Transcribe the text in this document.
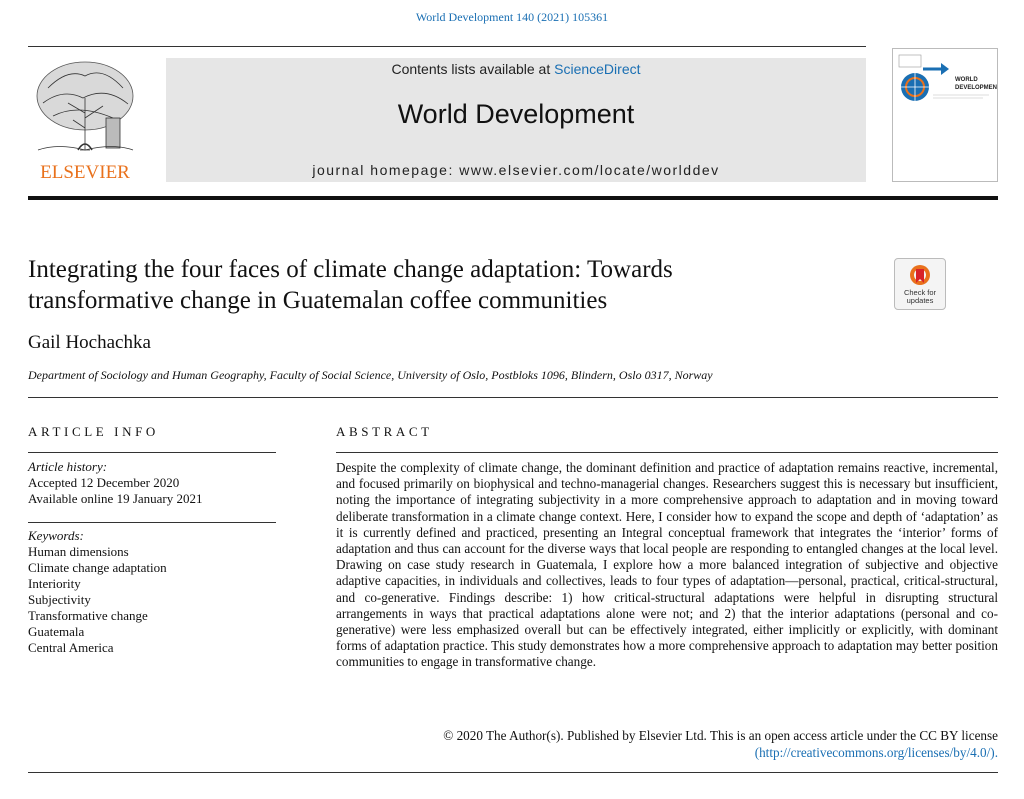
World Development 140 (2021) 105361
ELSEVIER
Contents lists available at ScienceDirect
World Development
journal homepage: www.elsevier.com/locate/worlddev
WORLD
DEVELOPMENT
Integrating the four faces of climate change adaptation: Towards
transformative change in Guatemalan coffee communities	Check for
updates
Gail Hochachka
Department of Sociology and Human Geography, Faculty of Social Science, University of Oslo, Postbloks 1096, Blindern, Oslo 0317, Norway
ARTICLE INFO	ABSTRACT
Article history:
Accepted 12 December 2020
Available online 19 January 2021
Keywords:
Human dimensions
Climate change adaptation
Interiority
Subjectivity
Transformative change
Guatemala
Central America

Despite the complexity of climate change, the dominant definition and practice of adaptation remains reactive, incremental, and focused primarily on biophysical and techno-managerial changes. Researchers suggest this is necessary but insufficient, noting the importance of integrating subjectivity in a more comprehensive approach to adaptation and in moving toward deliberate transformation in a climate change context. Here, I consider how to expand the scope and depth of ‘adaptation’ as it is currently defined and practiced, presenting an Integral conceptual framework that integrates the ‘interior’ forms of adaptation and thus can account for the diverse ways that local people are responding to entangled changes at the local level. Drawing on case study research in Guatemala, I explore how a more balanced integration of subjective and objective adaptive capacities, in individuals and collectives, leads to four types of adaptation—personal, practical, critical-structural, and co-generative. Findings describe: 1) how critical-structural adaptations were helpful in disrupting structural arrangements in ways that practical adaptations alone were not; and 2) that the interior adaptations (personal and co-generative) were less emphasized overall but can be effectively integrated, either implicitly or explicitly, with dominant forms of adaptation practice. This study demonstrates how a more comprehensive approach to adaptation may better position communities to engage in transformative change.

© 2020 The Author(s). Published by Elsevier Ltd. This is an open access article under the CC BY license
(http://creativecommons.org/licenses/by/4.0/).
